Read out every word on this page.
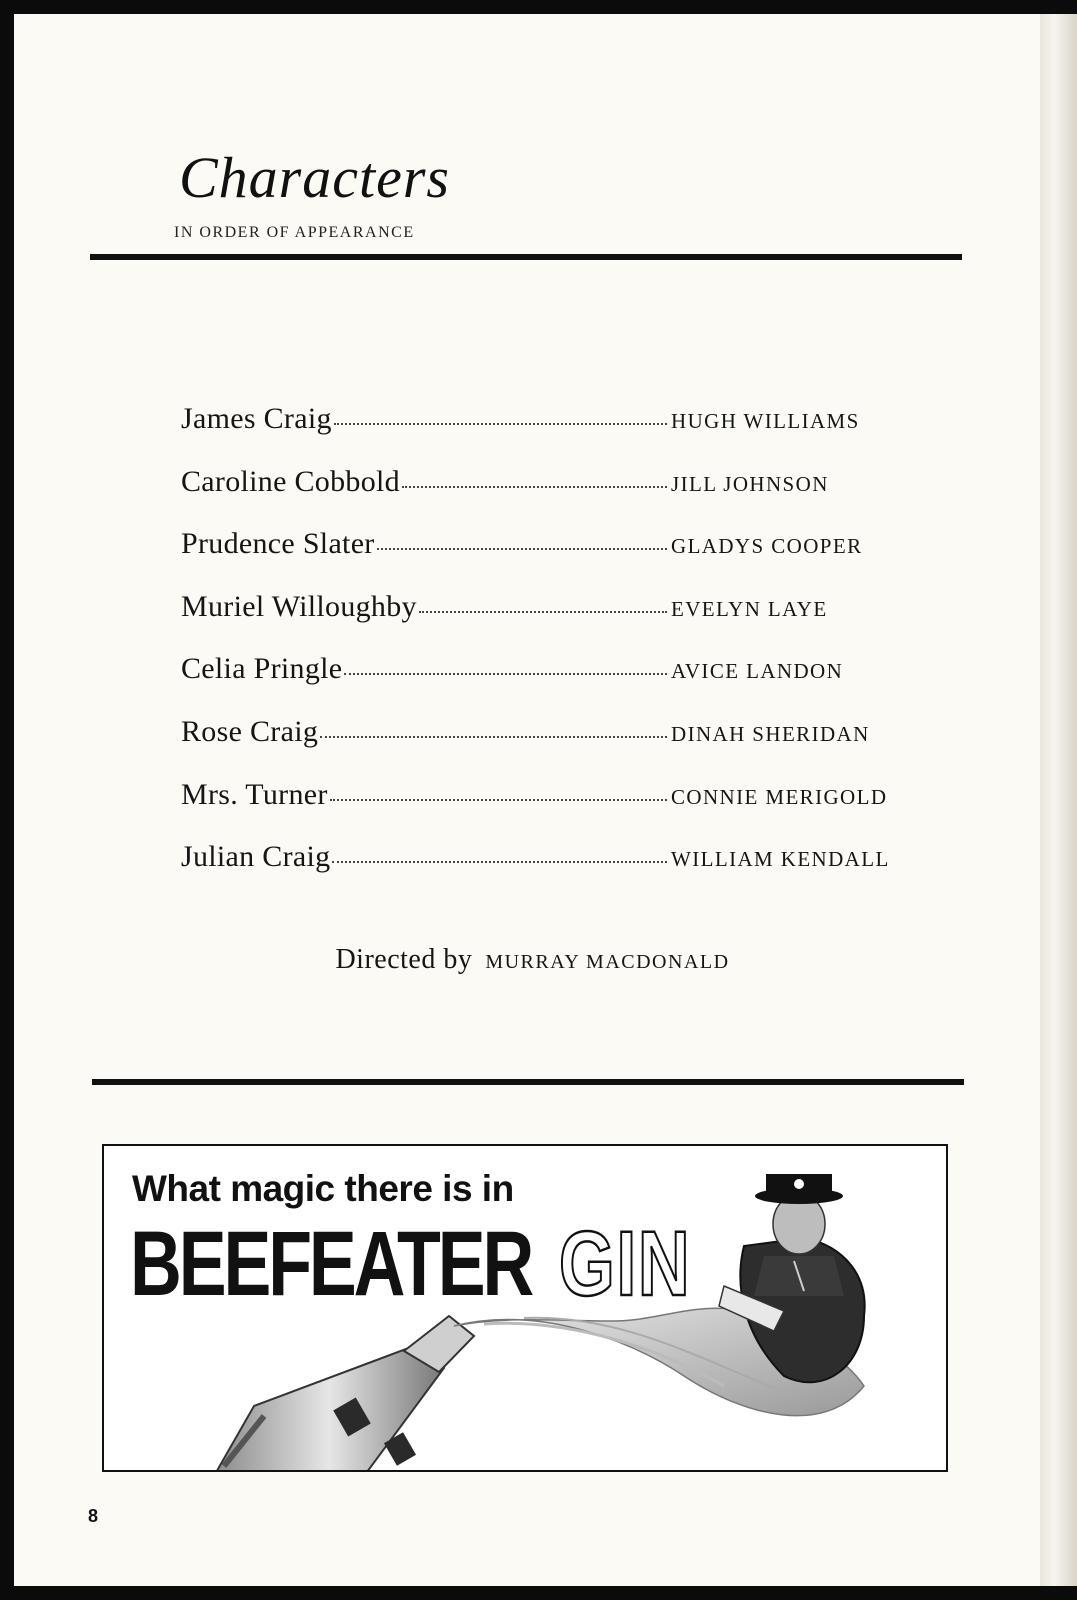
Characters
IN ORDER OF APPEARANCE
James Craig	HUGH WILLIAMS
Caroline Cobbold	JILL JOHNSON
Prudence Slater	GLADYS COOPER
Muriel Willoughby	EVELYN LAYE
Celia Pringle	AVICE LANDON
Rose Craig	DINAH SHERIDAN
Mrs. Turner	CONNIE MERIGOLD
Julian Craig	WILLIAM KENDALL
Directed by MURRAY MACDONALD
What magic there is in
BEEFEATER GIN
8
